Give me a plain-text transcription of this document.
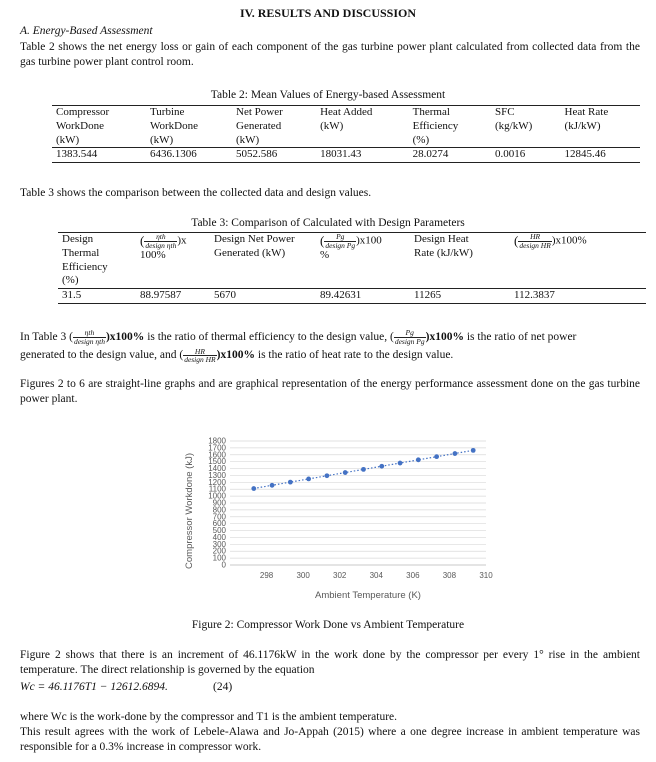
IV. RESULTS AND DISCUSSION
A. Energy-Based Assessment
Table 2 shows the net energy loss or gain of each component of the gas turbine power plant calculated from collected data from the gas turbine power plant control room.
Table 2: Mean Values of Energy-based Assessment
Compressor
WorkDone
(kW)	Turbine
WorkDone
(kW)	Net Power
Generated
(kW)	Heat Added
(kW)	Thermal
Efficiency
(%)	SFC
(kg/kW)	Heat Rate
(kJ/kW)
1383.544	6436.1306	5052.586	18031.43	28.0274	0.0016	12845.46
Table 3 shows the comparison between the collected data and design values.
Table 3: Comparison of Calculated with Design Parameters
Design
Thermal
Efficiency
(%)	( $\frac{\text{ηth}}{\text{design ηth}} )x$
100%	Design Net Power
Generated (kW)	( $\frac{Pg}{\text{design Pg}} )x100$
%	Design Heat
Rate (kJ/kW)	( $\frac{HR}{\text{design HR}} )x100\%$
31.5	88.97587	5670	89.42631	11265	112.3837
In Table 3 ( $\frac{\text{ηth}}{\text{design ηth}} )x100\%$ is the ratio of thermal efficiency to the design value, ( $\frac{Pg}{\text{design Pg}} )x100\%$ is the ratio of net power
generated to the design value, and ( $\frac{HR}{\text{design HR}} )x100\%$ is the ratio of heat rate to the design value.
Figures 2 to 6 are straight-line graphs and are graphical representation of the energy performance assessment done on the gas turbine power plant.
0
100
200
300
400
500
600
700
800
900
1000
1100
1200
1300
1400
1500
1600
1700
1800
298	300	302	304	306	308	310
Ambient Temperature (K)
Compressor Workdone (kJ)
Figure 2: Compressor Work Done vs Ambient Temperature
Figure 2 shows that there is an increment of 46.1176kW in the work done by the compressor per every 1° rise in the ambient temperature. The direct relationship is governed by the equation
Wc = 46.1176T1 − 12612.6894.	(24)
where Wc is the work-done by the compressor and T1 is the ambient temperature.
This result agrees with the work of Lebele-Alawa and Jo-Appah (2015) where a one degree increase in ambient temperature was responsible for a 0.3% increase in compressor work.
